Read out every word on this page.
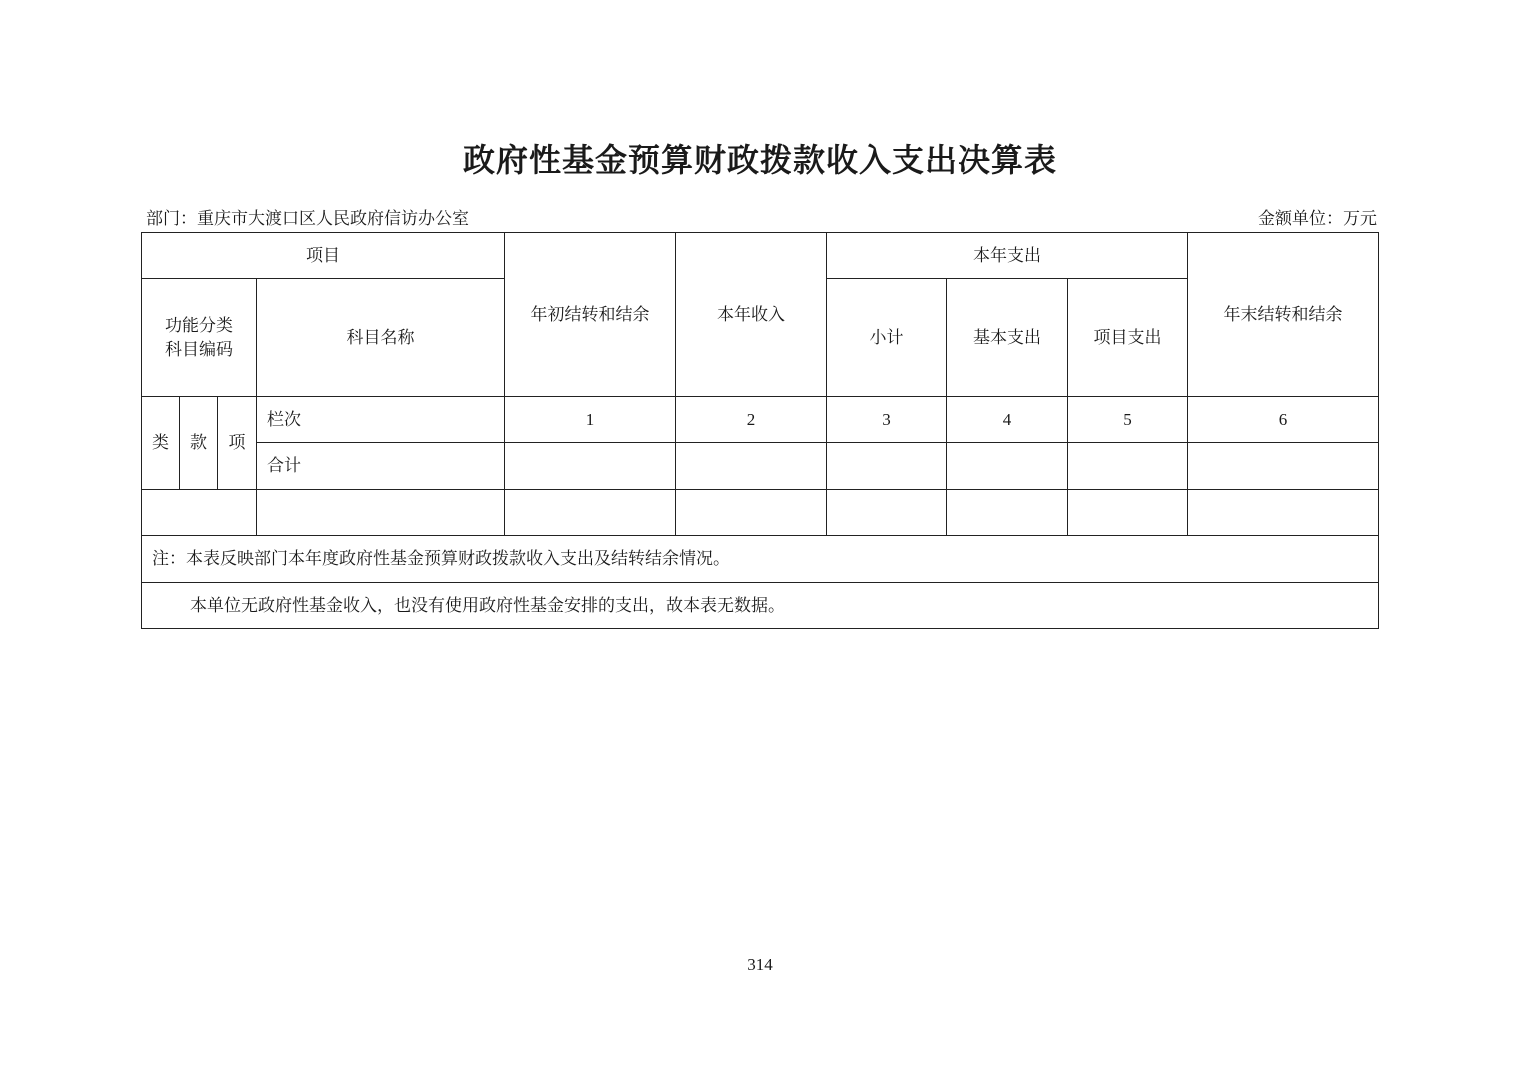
政府性基金预算财政拨款收入支出决算表
部门：重庆市大渡口区人民政府信访办公室	金额单位：万元
项目				年初结转和结余	本年收入	本年支出			年末结转和结余
功能分类
科目编码			科目名称			小计	基本支出	项目支出	
类	款	项	栏次	1	2	3	4	5	6
			合计						

注：本表反映部门本年度政府性基金预算财政拨款收入支出及结转结余情况。									
本单位无政府性基金收入，也没有使用政府性基金安排的支出，故本表无数据。									
314
